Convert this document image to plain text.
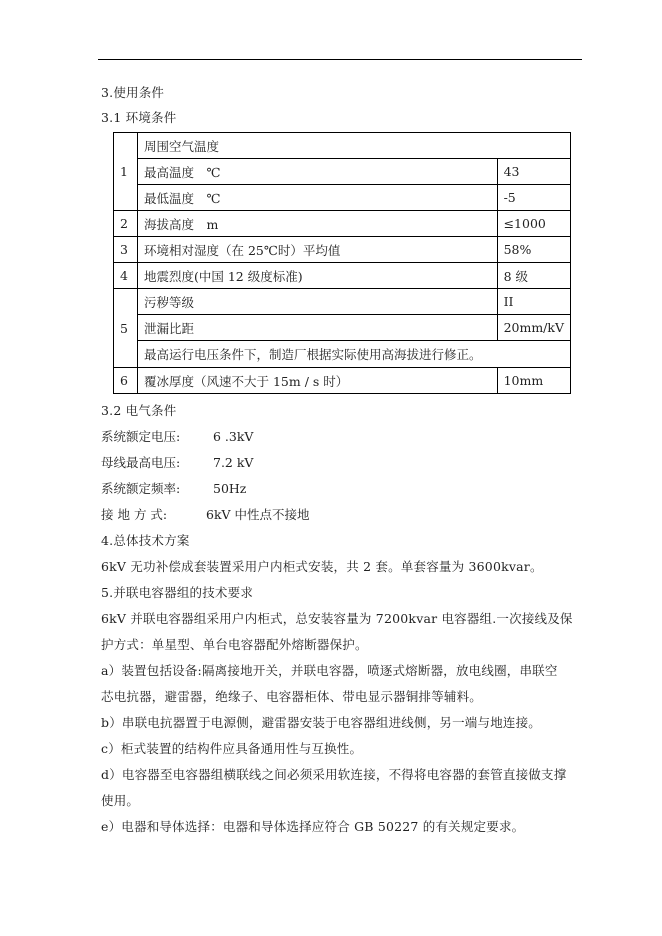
3.使用条件
3.1 环境条件
1	周围空气温度	
	最高温度　℃	43
	最低温度　℃	-5
2	海拔高度　m	≤1000
3	环境相对湿度（在 25℃时）平均值	58%
4	地震烈度(中国 12 级度标准)	8 级
5	污秽等级	II
	泄漏比距	20mm/kV
	最高运行电压条件下，制造厂根据实际使用高海拔进行修正。	
6	覆冰厚度（风速不大于 15m / s 时）	10mm
3.2 电气条件
系统额定电压:	6 .3kV
母线最高电压:	7.2 kV
系统额定频率:	50Hz
接 地 方 式:	6kV 中性点不接地
4.总体技术方案
6kV 无功补偿成套装置采用户内柜式安装，共 2 套。单套容量为 3600kvar。
5.并联电容器组的技术要求
6kV 并联电容器组采用户内柜式，总安装容量为 7200kvar 电容器组.一次接线及保
护方式：单星型、单台电容器配外熔断器保护。
a）装置包括设备:隔离接地开关，并联电容器，喷逐式熔断器，放电线圈，串联空
芯电抗器，避雷器，绝缘子、电容器柜体、带电显示器铜排等辅料。
b）串联电抗器置于电源侧，避雷器安装于电容器组进线侧，另一端与地连接。
c）柜式装置的结构件应具备通用性与互换性。
d）电容器至电容器组横联线之间必须采用软连接，不得将电容器的套管直接做支撑
使用。
e）电器和导体选择：电器和导体选择应符合 GB 50227 的有关规定要求。
